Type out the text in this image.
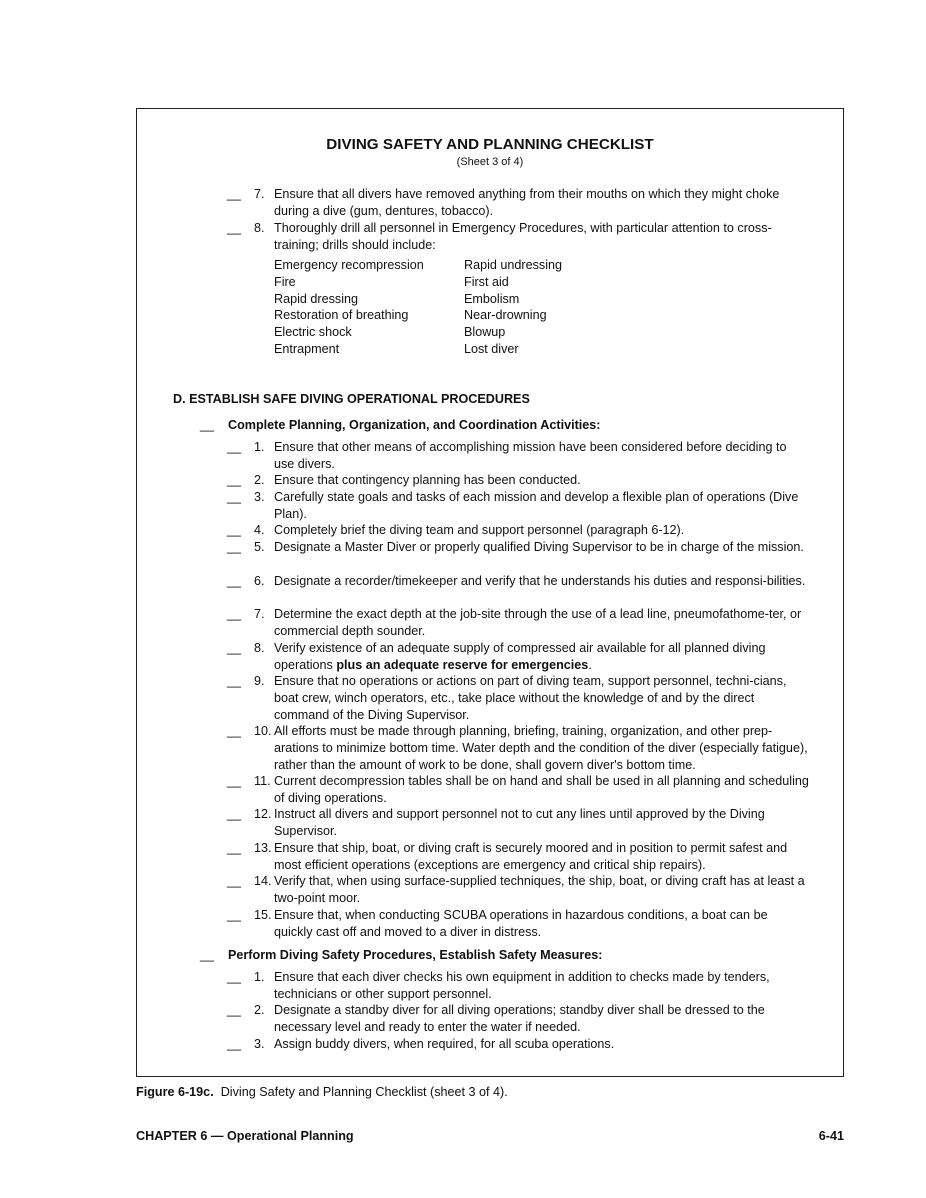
DIVING SAFETY AND PLANNING CHECKLIST
(Sheet 3 of 4)
__ 7. Ensure that all divers have removed anything from their mouths on which they might choke during a dive (gum, dentures, tobacco).
__ 8. Thoroughly drill all personnel in Emergency Procedures, with particular attention to cross-training; drills should include:
Emergency recompression
Fire
Rapid dressing
Restoration of breathing
Electric shock
Entrapment
Rapid undressing
First aid
Embolism
Near-drowning
Blowup
Lost diver
D. ESTABLISH SAFE DIVING OPERATIONAL PROCEDURES
__ Complete Planning, Organization, and Coordination Activities:
__ 1. Ensure that other means of accomplishing mission have been considered before deciding to use divers.
__ 2. Ensure that contingency planning has been conducted.
__ 3. Carefully state goals and tasks of each mission and develop a flexible plan of operations (Dive Plan).
__ 4. Completely brief the diving team and support personnel (paragraph 6-12).
__ 5. Designate a Master Diver or properly qualified Diving Supervisor to be in charge of the mission.
__ 6. Designate a recorder/timekeeper and verify that he understands his duties and responsi-bilities.
__ 7. Determine the exact depth at the job-site through the use of a lead line, pneumofathome-ter, or commercial depth sounder.
__ 8. Verify existence of an adequate supply of compressed air available for all planned diving operations plus an adequate reserve for emergencies.
__ 9. Ensure that no operations or actions on part of diving team, support personnel, techni-cians, boat crew, winch operators, etc., take place without the knowledge of and by the direct command of the Diving Supervisor.
__ 10. All efforts must be made through planning, briefing, training, organization, and other prep-arations to minimize bottom time. Water depth and the condition of the diver (especially fatigue), rather than the amount of work to be done, shall govern diver's bottom time.
__ 11. Current decompression tables shall be on hand and shall be used in all planning and scheduling of diving operations.
__ 12. Instruct all divers and support personnel not to cut any lines until approved by the Diving Supervisor.
__ 13. Ensure that ship, boat, or diving craft is securely moored and in position to permit safest and most efficient operations (exceptions are emergency and critical ship repairs).
__ 14. Verify that, when using surface-supplied techniques, the ship, boat, or diving craft has at least a two-point moor.
__ 15. Ensure that, when conducting SCUBA operations in hazardous conditions, a boat can be quickly cast off and moved to a diver in distress.
__ Perform Diving Safety Procedures, Establish Safety Measures:
__ 1. Ensure that each diver checks his own equipment in addition to checks made by tenders, technicians or other support personnel.
__ 2. Designate a standby diver for all diving operations; standby diver shall be dressed to the necessary level and ready to enter the water if needed.
__ 3. Assign buddy divers, when required, for all scuba operations.
Figure 6-19c. Diving Safety and Planning Checklist (sheet 3 of 4).
CHAPTER 6 — Operational Planning	6-41
